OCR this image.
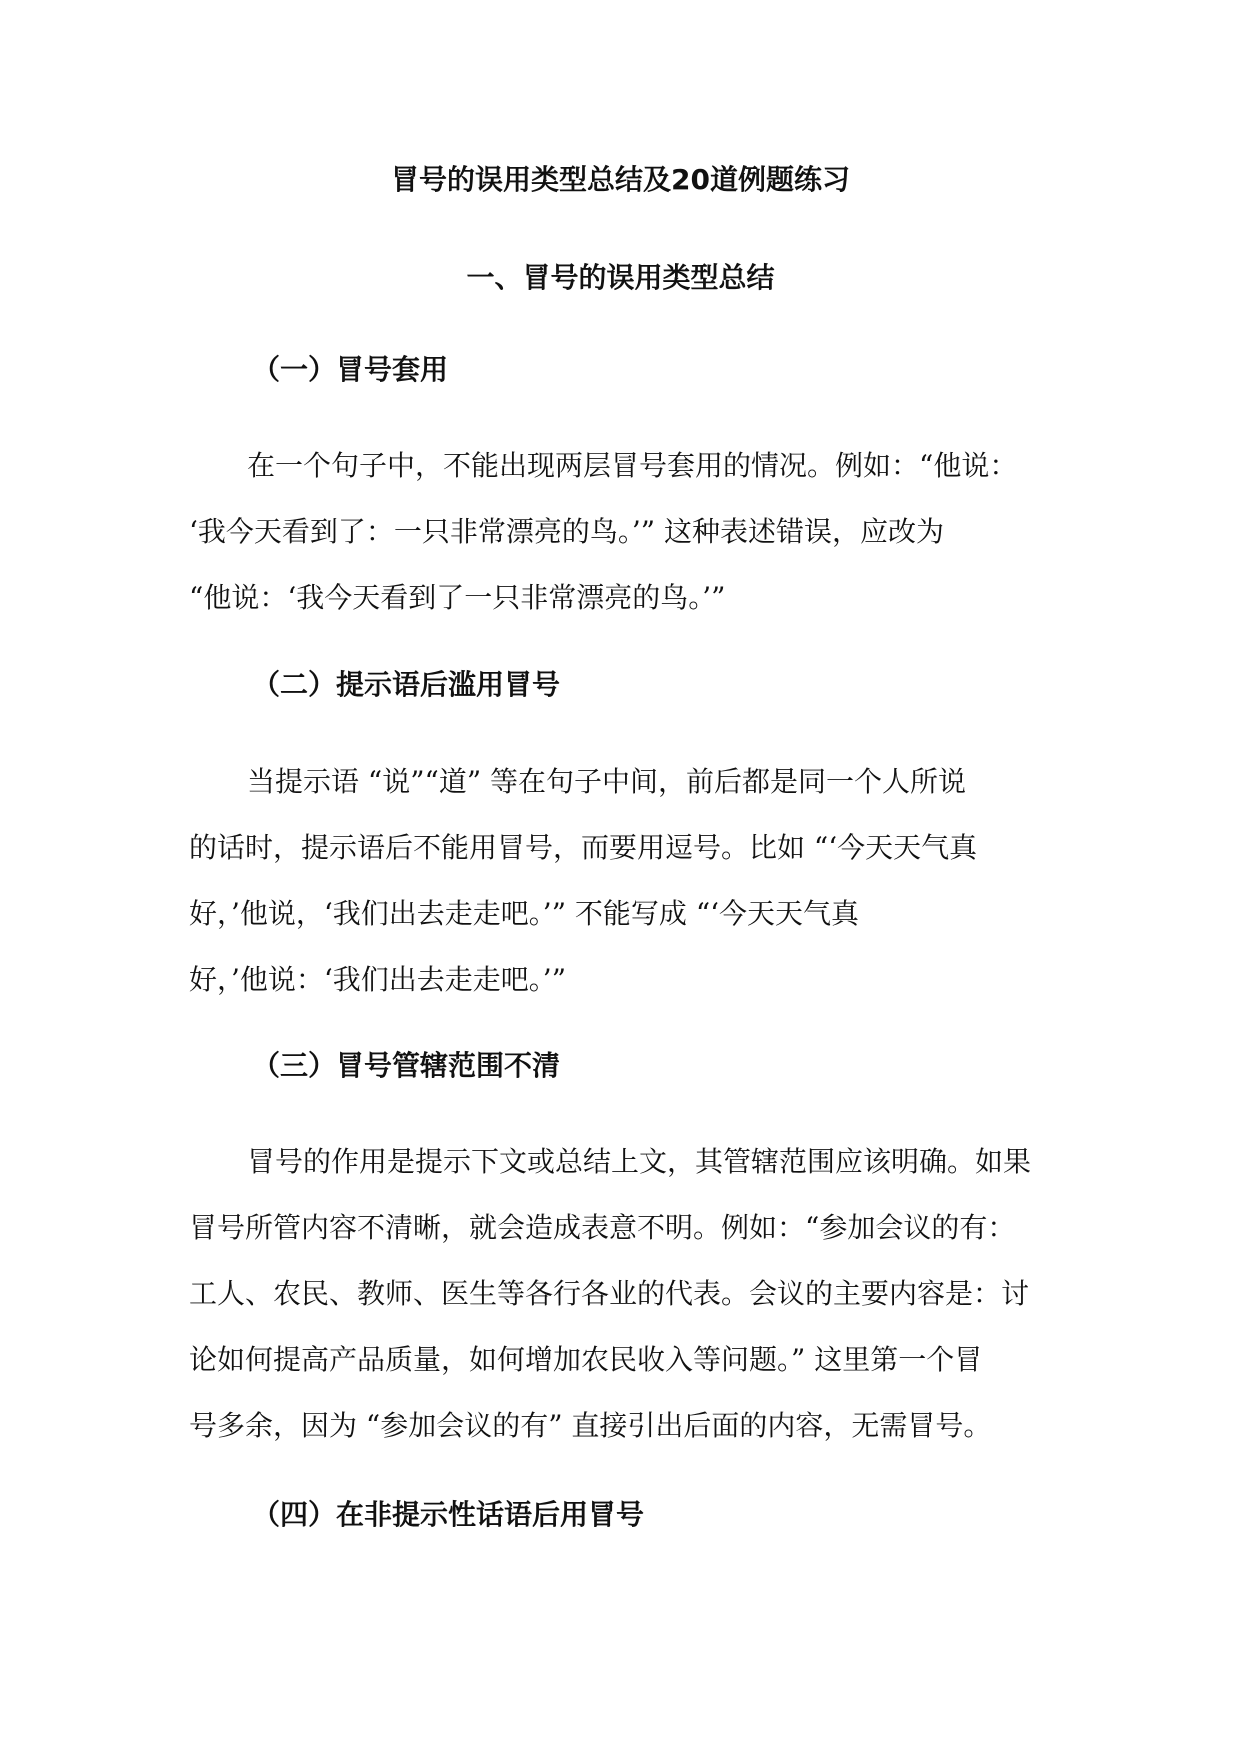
冒号的误用类型总结及20道例题练习
一、冒号的误用类型总结
（一）冒号套用
在一个句子中，不能出现两层冒号套用的情况。例如：“他说：
‘我今天看到了：一只非常漂亮的鸟。’” 这种表述错误，应改为
“他说：‘我今天看到了一只非常漂亮的鸟。’”
（二）提示语后滥用冒号
当提示语 “说”“道” 等在句子中间，前后都是同一个人所说
的话时，提示语后不能用冒号，而要用逗号。比如 “‘今天天气真
好，’他说，‘我们出去走走吧。’” 不能写成 “‘今天天气真
好，’他说：‘我们出去走走吧。’”
（三）冒号管辖范围不清
冒号的作用是提示下文或总结上文，其管辖范围应该明确。如果
冒号所管内容不清晰，就会造成表意不明。例如：“参加会议的有：
工人、农民、教师、医生等各行各业的代表。会议的主要内容是：讨
论如何提高产品质量，如何增加农民收入等问题。” 这里第一个冒
号多余，因为 “参加会议的有” 直接引出后面的内容，无需冒号。
（四）在非提示性话语后用冒号
